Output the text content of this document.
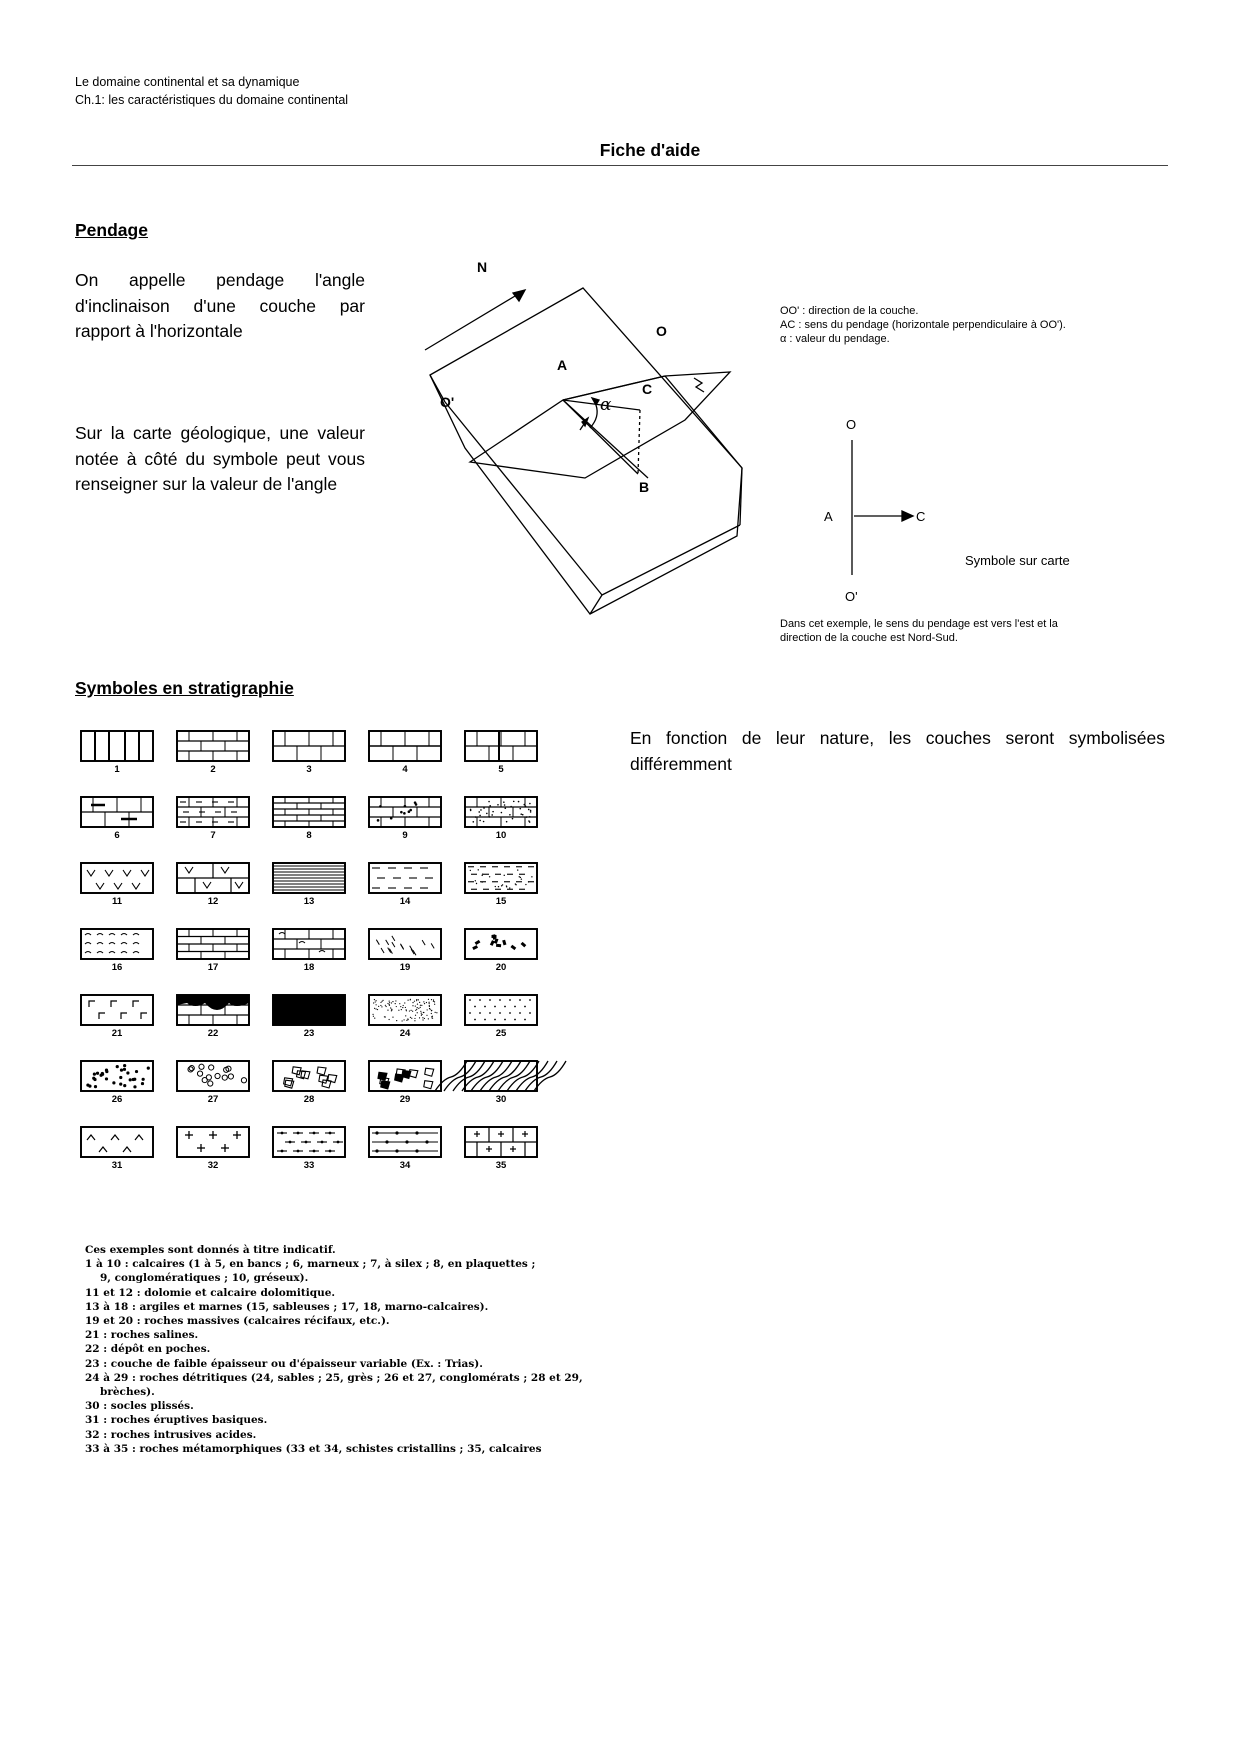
Le domaine continental et sa dynamique
Ch.1: les caractéristiques du domaine continental
Fiche d'aide
Pendage
On appelle pendage l'angle d'inclinaison d'une couche par rapport à l'horizontale
Sur la carte géologique, une valeur notée à côté du symbole peut vous renseigner sur la valeur de l'angle
N
O
O'
A
C
B
α
OO' : direction de la couche.
AC : sens du pendage (horizontale perpendiculaire à OO').
α : valeur du pendage.
O
A	C
O'
Symbole sur carte
Dans cet exemple, le sens du pendage est vers l'est et la
direction de la couche est Nord-Sud.
Symboles en stratigraphie
En fonction de leur nature, les couches seront symbolisées différemment
1	2	3	4	5
6	7	8	9	10
11	12	13	14	15
16	17	18	19	20
21	22	23	24	25
26	27	28	29	30
31	32	33	34	35
Ces exemples sont donnés à titre indicatif.
1 à 10 : calcaires (1 à 5, en bancs ; 6, marneux ; 7, à silex ; 8, en plaquettes ;
9, conglomératiques ; 10, gréseux).
11 et 12 : dolomie et calcaire dolomitique.
13 à 18 : argiles et marnes (15, sableuses ; 17, 18, marno-calcaires).
19 et 20 : roches massives (calcaires récifaux, etc.).
21 : roches salines.
22 : dépôt en poches.
23 : couche de faible épaisseur ou d'épaisseur variable (Ex. : Trias).
24 à 29 : roches détritiques (24, sables ; 25, grès ; 26 et 27, conglomérats ; 28 et 29,
brèches).
30 : socles plissés.
31 : roches éruptives basiques.
32 : roches intrusives acides.
33 à 35 : roches métamorphiques (33 et 34, schistes cristallins ; 35, calcaires
